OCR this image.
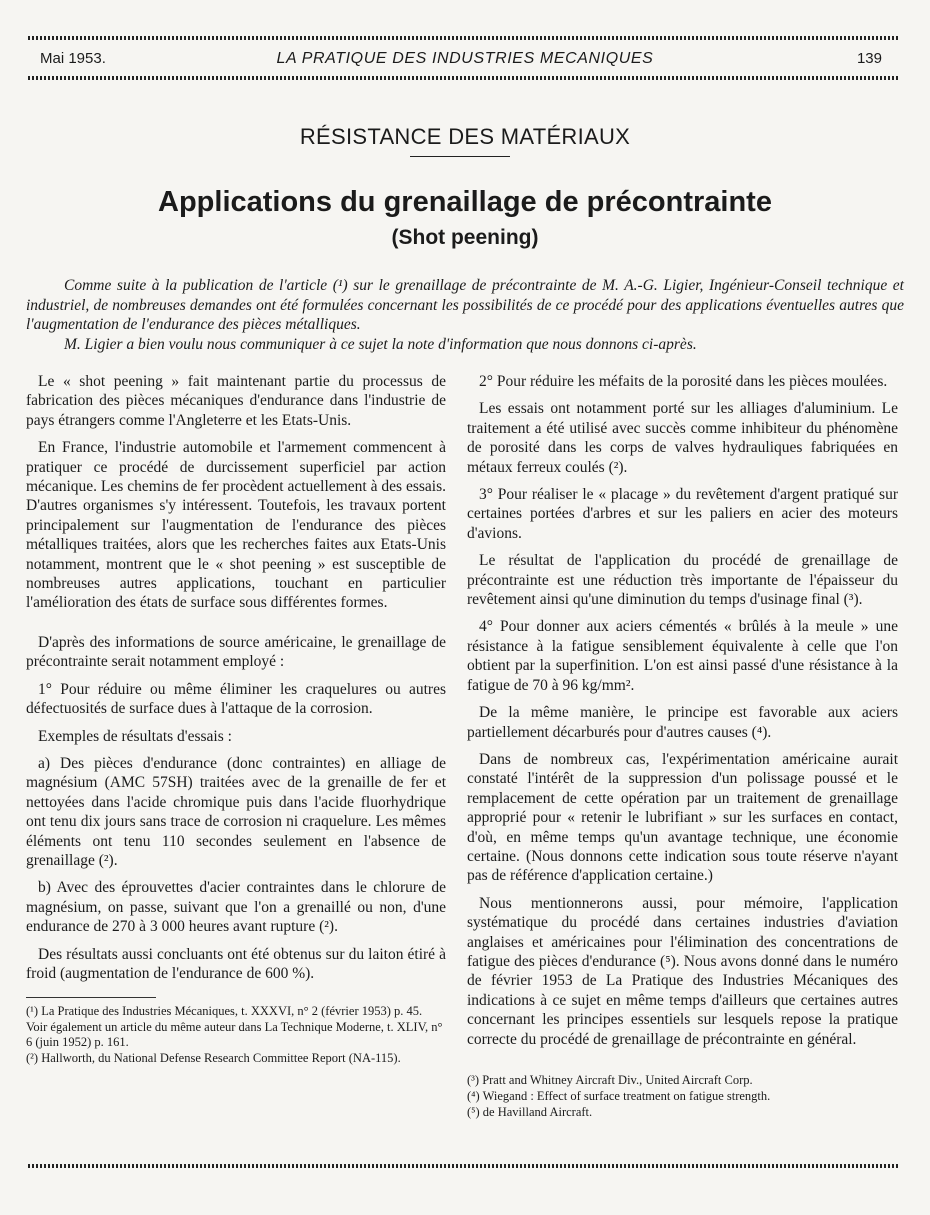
Mai 1953.	LA PRATIQUE DES INDUSTRIES MECANIQUES	139
RÉSISTANCE DES MATÉRIAUX
Applications du grenaillage de précontrainte
(Shot peening)

Comme suite à la publication de l'article (¹) sur le grenaillage de précontrainte de M. A.-G. Ligier, Ingénieur-Conseil technique et industriel, de nombreuses demandes ont été formulées concernant les possibilités de ce procédé pour des applications éventuelles autres que l'augmentation de l'endurance des pièces métalliques.

M. Ligier a bien voulu nous communiquer à ce sujet la note d'information que nous donnons ci-après.

Le « shot peening » fait maintenant partie du processus de fabrication des pièces mécaniques d'endurance dans l'industrie de pays étrangers comme l'Angleterre et les Etats-Unis.

En France, l'industrie automobile et l'armement commencent à pratiquer ce procédé de durcissement superficiel par action mécanique. Les chemins de fer procèdent actuellement à des essais. D'autres organismes s'y intéressent. Toutefois, les travaux portent principalement sur l'augmentation de l'endurance des pièces métalliques traitées, alors que les recherches faites aux Etats-Unis notamment, montrent que le « shot peening » est susceptible de nombreuses autres applications, touchant en particulier l'amélioration des états de surface sous différentes formes.

D'après des informations de source américaine, le grenaillage de précontrainte serait notamment employé :

1° Pour réduire ou même éliminer les craquelures ou autres défectuosités de surface dues à l'attaque de la corrosion.

Exemples de résultats d'essais :

a) Des pièces d'endurance (donc contraintes) en alliage de magnésium (AMC 57SH) traitées avec de la grenaille de fer et nettoyées dans l'acide chromique puis dans l'acide fluorhydrique ont tenu dix jours sans trace de corrosion ni craquelure. Les mêmes éléments ont tenu 110 secondes seulement en l'absence de grenaillage (²).

b) Avec des éprouvettes d'acier contraintes dans le chlorure de magnésium, on passe, suivant que l'on a grenaillé ou non, d'une endurance de 270 à 3 000 heures avant rupture (²).

Des résultats aussi concluants ont été obtenus sur du laiton étiré à froid (augmentation de l'endurance de 600 %).

(¹) La Pratique des Industries Mécaniques, t. XXXVI, n° 2 (février 1953) p. 45.

Voir également un article du même auteur dans La Technique Moderne, t. XLIV, n° 6 (juin 1952) p. 161.

(²) Hallworth, du National Defense Research Committee Report (NA-115).

2° Pour réduire les méfaits de la porosité dans les pièces moulées.

Les essais ont notamment porté sur les alliages d'aluminium. Le traitement a été utilisé avec succès comme inhibiteur du phénomène de porosité dans les corps de valves hydrauliques fabriquées en métaux ferreux coulés (²).

3° Pour réaliser le « placage » du revêtement d'argent pratiqué sur certaines portées d'arbres et sur les paliers en acier des moteurs d'avions.

Le résultat de l'application du procédé de grenaillage de précontrainte est une réduction très importante de l'épaisseur du revêtement ainsi qu'une diminution du temps d'usinage final (³).

4° Pour donner aux aciers cémentés « brûlés à la meule » une résistance à la fatigue sensiblement équivalente à celle que l'on obtient par la superfinition. L'on est ainsi passé d'une résistance à la fatigue de 70 à 96 kg/mm².

De la même manière, le principe est favorable aux aciers partiellement décarburés pour d'autres causes (⁴).

Dans de nombreux cas, l'expérimentation américaine aurait constaté l'intérêt de la suppression d'un polissage poussé et le remplacement de cette opération par un traitement de grenaillage approprié pour « retenir le lubrifiant » sur les surfaces en contact, d'où, en même temps qu'un avantage technique, une économie certaine. (Nous donnons cette indication sous toute réserve n'ayant pas de référence d'application certaine.)

Nous mentionnerons aussi, pour mémoire, l'application systématique du procédé dans certaines industries d'aviation anglaises et américaines pour l'élimination des concentrations de fatigue des pièces d'endurance (⁵). Nous avons donné dans le numéro de février 1953 de La Pratique des Industries Mécaniques des indications à ce sujet en même temps d'ailleurs que certaines autres concernant les principes essentiels sur lesquels repose la pratique correcte du procédé de grenaillage de précontrainte en général.

(³) Pratt and Whitney Aircraft Div., United Aircraft Corp.

(⁴) Wiegand : Effect of surface treatment on fatigue strength.

(⁵) de Havilland Aircraft.
